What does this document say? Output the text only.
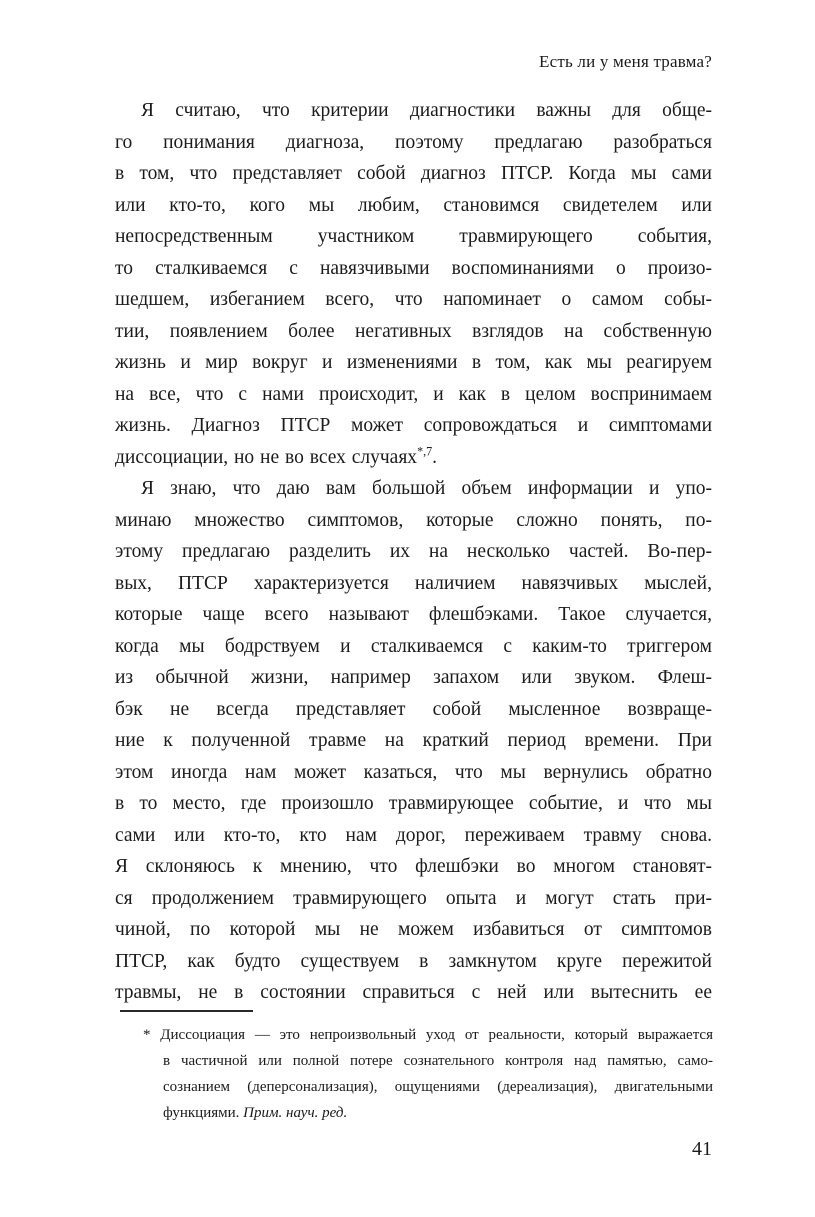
Есть ли у меня травма?
Я считаю, что критерии диагностики важны для обще-
го понимания диагноза, поэтому предлагаю разобраться
в том, что представляет собой диагноз ПТСР. Когда мы сами
или кто-то, кого мы любим, становимся свидетелем или
непосредственным участником травмирующего события,
то сталкиваемся с навязчивыми воспоминаниями о произо-
шедшем, избеганием всего, что напоминает о самом собы-
тии, появлением более негативных взглядов на собственную
жизнь и мир вокруг и изменениями в том, как мы реагируем
на все, что с нами происходит, и как в целом воспринимаем
жизнь. Диагноз ПТСР может сопровождаться и симптомами
диссоциации, но не во всех случаях$^{*,7}$.
Я знаю, что даю вам большой объем информации и упо-
минаю множество симптомов, которые сложно понять, по-
этому предлагаю разделить их на несколько частей. Во-пер-
вых, ПТСР характеризуется наличием навязчивых мыслей,
которые чаще всего называют флешбэками. Такое случается,
когда мы бодрствуем и сталкиваемся с каким-то триггером
из обычной жизни, например запахом или звуком. Флеш-
бэк не всегда представляет собой мысленное возвраще-
ние к полученной травме на краткий период времени. При
этом иногда нам может казаться, что мы вернулись обратно
в то место, где произошло травмирующее событие, и что мы
сами или кто-то, кто нам дорог, переживаем травму снова.
Я склоняюсь к мнению, что флешбэки во многом становят-
ся продолжением травмирующего опыта и могут стать при-
чиной, по которой мы не можем избавиться от симптомов
ПТСР, как будто существуем в замкнутом круге пережитой
травмы, не в состоянии справиться с ней или вытеснить ее
* Диссоциация — это непроизвольный уход от реальности, который выражается
в частичной или полной потере сознательного контроля над памятью, само-
сознанием (деперсонализация), ощущениями (дереализация), двигательными
функциями. Прим. науч. ред.
41
